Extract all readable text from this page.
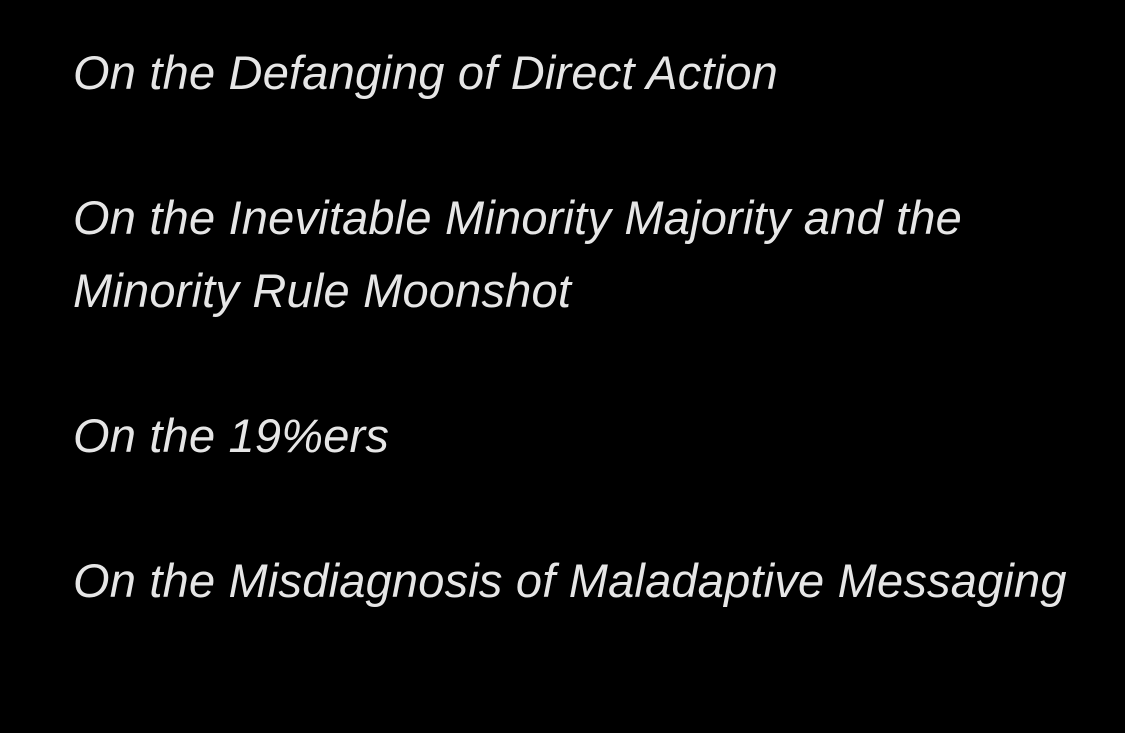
On the Defanging of Direct Action

On the Inevitable Minority Majority and the Minority Rule Moonshot

On the 19%ers

On the Misdiagnosis of Maladaptive Messaging
